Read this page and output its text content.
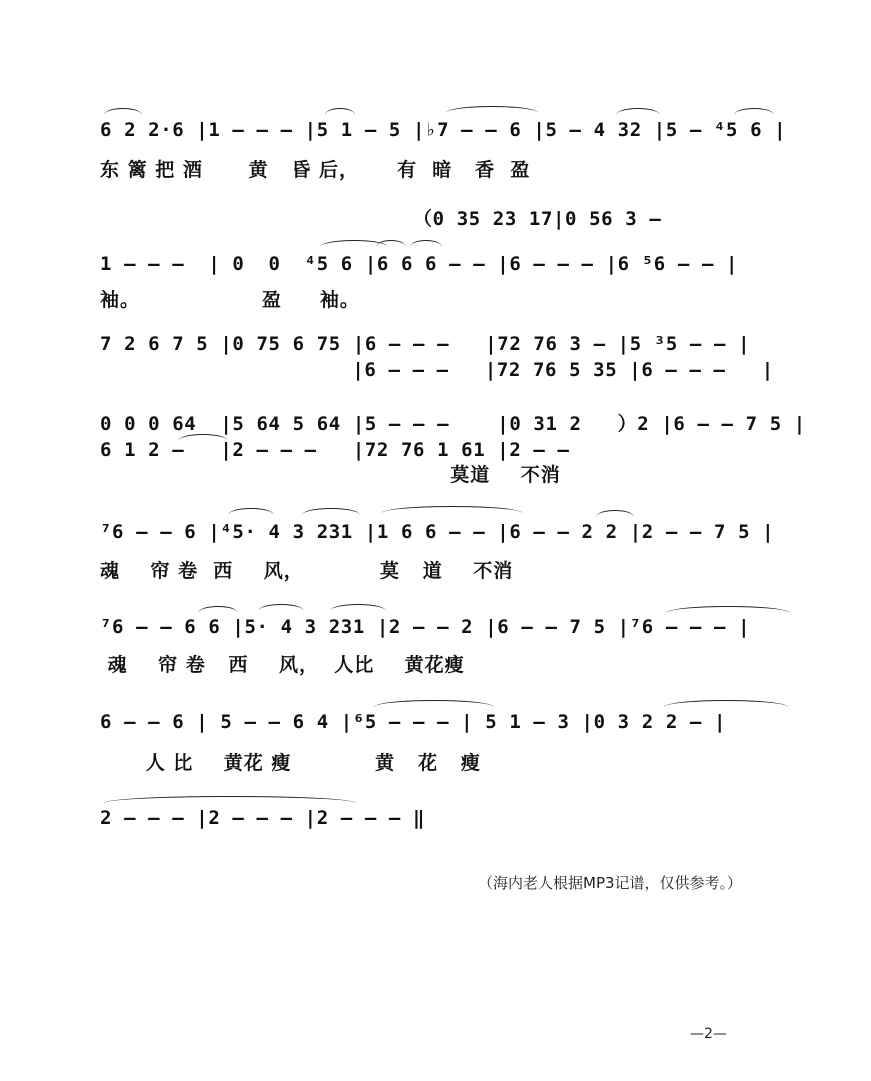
6 2 2·6 |1 – – – |5 1 – 5 |♭7 – – 6 |5 – 4 32 |5 – ⁴5 6 |
东 篱 把 酒      黄   昏 后，     有  暗   香  盈
（0 35 23 17|0 56 3 –
1 – – –  | 0  0  ⁴5 6 |6 6 6 – – |6 – – – |6 ⁵6 – – |
袖。                盈     袖。
7 2 6 7 5 |0 75 6 75 |6 – – –   |72 76 3 – |5 ³5 – – |
|6 – – –   |72 76 5 35 |6 – – –   |
0 0 0 64  |5 64 5 64 |5 – – –    |0 31 2   ）2 |6 – – 7 5 |
6 1 2 –   |2 – – –   |72 76 1 61 |2 – –
莫道    不消
⁷6 – – 6 |⁴5· 4 3 231 |1 6 6 – – |6 – – 2 2 |2 – – 7 5 |
魂    帘 卷  西    风，          莫   道    不消
⁷6 – – 6 6 |5· 4 3 231 |2 – – 2 |6 – – 7 5 |⁷6 – – – |
魂    帘 卷   西    风，  人比    黄花瘦
6 – – 6 | 5 – – 6 4 |⁶5 – – – | 5 1 – 3 |0 3 2 2 – |
人 比    黄花 瘦           黄   花   瘦
2 – – – |2 – – – |2 – – – ‖
（海内老人根据MP3记谱，仅供参考。）
—2—
